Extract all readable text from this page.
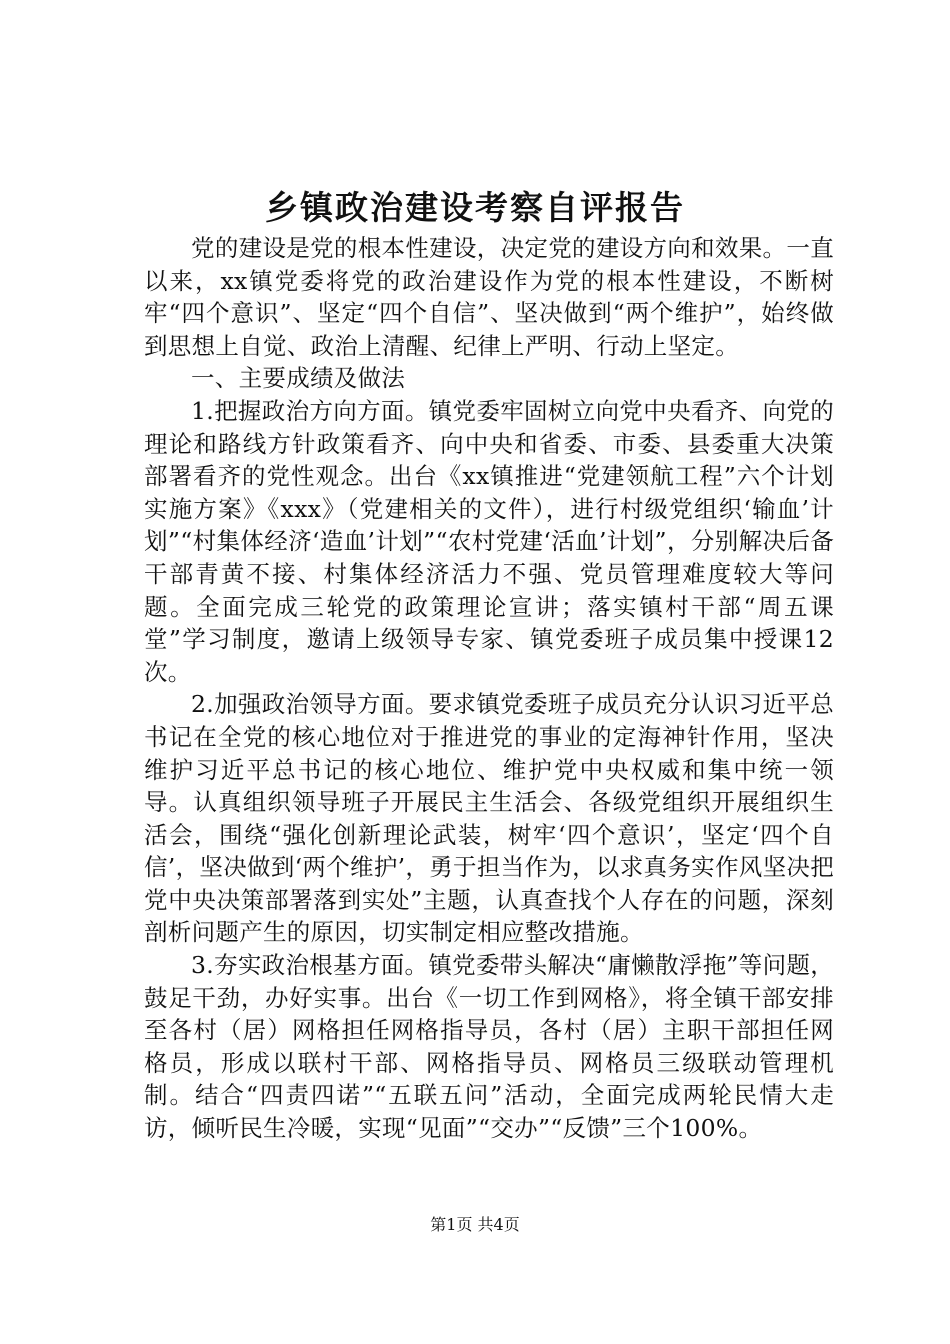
乡镇政治建设考察自评报告

党的建设是党的根本性建设，决定党的建设方向和效果。一直以来，xx镇党委将党的政治建设作为党的根本性建设，不断树牢“四个意识”、坚定“四个自信”、坚决做到“两个维护”，始终做到思想上自觉、政治上清醒、纪律上严明、行动上坚定。

一、主要成绩及做法

1.把握政治方向方面。镇党委牢固树立向党中央看齐、向党的理论和路线方针政策看齐、向中央和省委、市委、县委重大决策部署看齐的党性观念。出台《xx镇推进“党建领航工程”六个计划实施方案》《xxx》（党建相关的文件），进行村级党组织‘输血’计划”“村集体经济‘造血’计划”“农村党建‘活血’计划”，分别解决后备干部青黄不接、村集体经济活力不强、党员管理难度较大等问题。全面完成三轮党的政策理论宣讲；落实镇村干部“周五课堂”学习制度，邀请上级领导专家、镇党委班子成员集中授课12次。

2.加强政治领导方面。要求镇党委班子成员充分认识习近平总书记在全党的核心地位对于推进党的事业的定海神针作用，坚决维护习近平总书记的核心地位、维护党中央权威和集中统一领导。认真组织领导班子开展民主生活会、各级党组织开展组织生活会，围绕“强化创新理论武装，树牢‘四个意识’，坚定‘四个自信’，坚决做到‘两个维护’，勇于担当作为，以求真务实作风坚决把党中央决策部署落到实处”主题，认真查找个人存在的问题，深刻剖析问题产生的原因，切实制定相应整改措施。

3.夯实政治根基方面。镇党委带头解决“庸懒散浮拖”等问题，鼓足干劲，办好实事。出台《一切工作到网格》，将全镇干部安排至各村（居）网格担任网格指导员，各村（居）主职干部担任网格员，形成以联村干部、网格指导员、网格员三级联动管理机制。结合“四责四诺”“五联五问”活动，全面完成两轮民情大走访，倾听民生冷暖，实现“见面”“交办”“反馈”三个100%。

第1页 共4页
